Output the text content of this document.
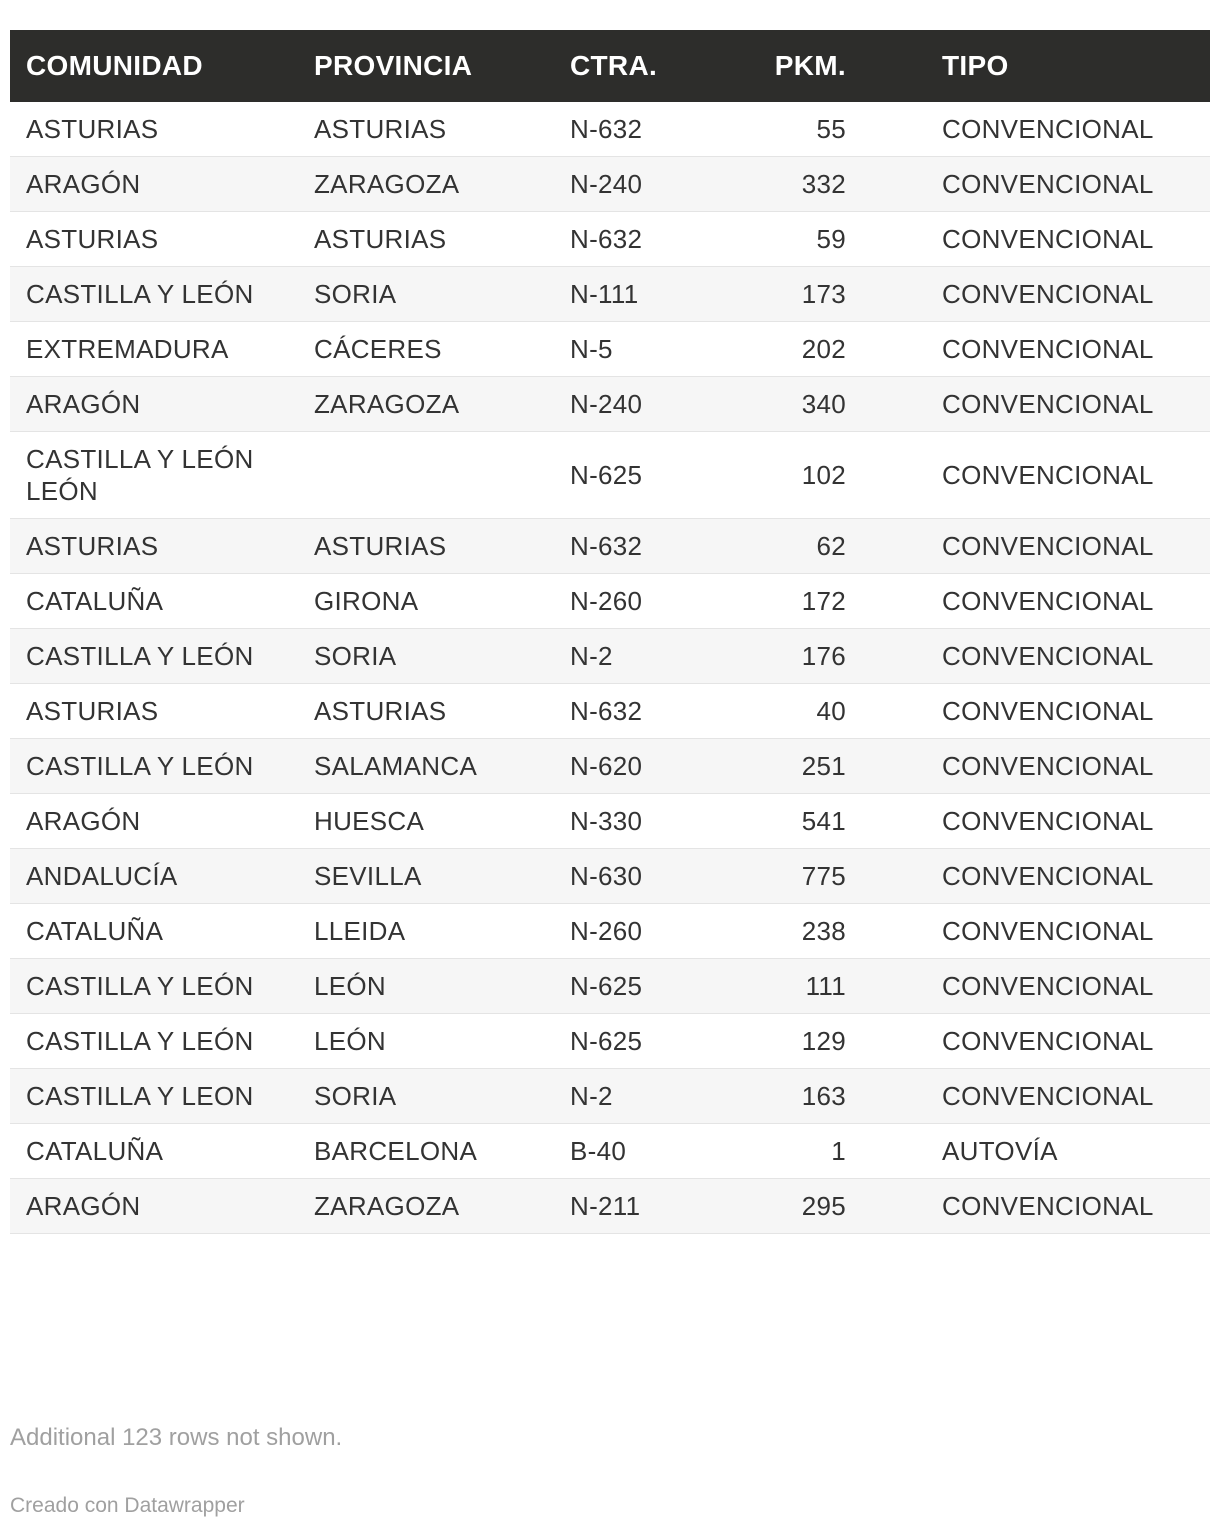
COMUNIDAD	PROVINCIA	CTRA.	PKM.	TIPO
ASTURIAS	ASTURIAS	N-632	55	CONVENCIONAL
ARAGÓN	ZARAGOZA	N-240	332	CONVENCIONAL
ASTURIAS	ASTURIAS	N-632	59	CONVENCIONAL
CASTILLA Y LEÓN	SORIA	N-111	173	CONVENCIONAL
EXTREMADURA	CÁCERES	N-5	202	CONVENCIONAL
ARAGÓN	ZARAGOZA	N-240	340	CONVENCIONAL
CASTILLA Y LEÓN LEÓN		N-625	102	CONVENCIONAL
ASTURIAS	ASTURIAS	N-632	62	CONVENCIONAL
CATALUÑA	GIRONA	N-260	172	CONVENCIONAL
CASTILLA Y LEÓN	SORIA	N-2	176	CONVENCIONAL
ASTURIAS	ASTURIAS	N-632	40	CONVENCIONAL
CASTILLA Y LEÓN	SALAMANCA	N-620	251	CONVENCIONAL
ARAGÓN	HUESCA	N-330	541	CONVENCIONAL
ANDALUCÍA	SEVILLA	N-630	775	CONVENCIONAL
CATALUÑA	LLEIDA	N-260	238	CONVENCIONAL
CASTILLA Y LEÓN	LEÓN	N-625	111	CONVENCIONAL
CASTILLA Y LEÓN	LEÓN	N-625	129	CONVENCIONAL
CASTILLA Y LEON	SORIA	N-2	163	CONVENCIONAL
CATALUÑA	BARCELONA	B-40	1	AUTOVÍA
ARAGÓN	ZARAGOZA	N-211	295	CONVENCIONAL
Additional 123 rows not shown.
Creado con Datawrapper
